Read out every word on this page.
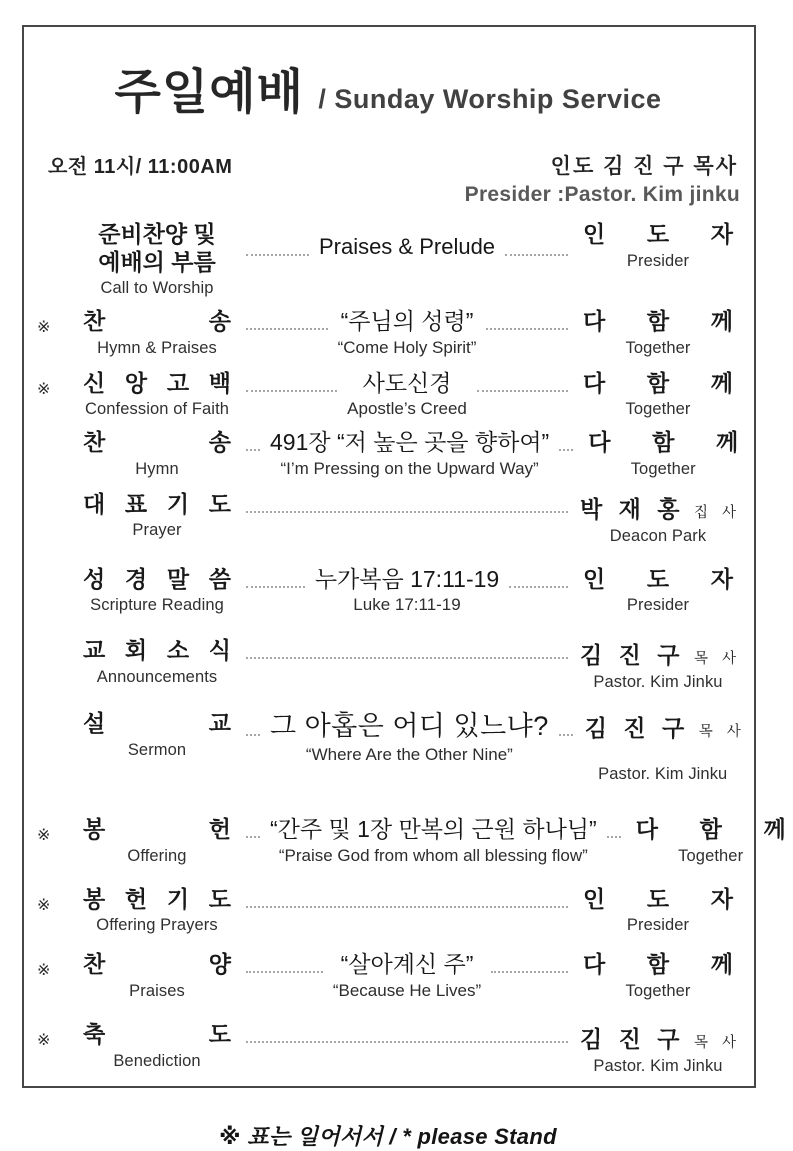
주일예배 / Sunday Worship Service
오전 11시/ 11:00AM	인도 김 진 구 목사
Presider :Pastor. Kim jinku
준비찬양 및
예배의 부름
Call to Worship
Praises & Prelude	인 도 자
Presider
※ 찬 송
Hymn & Praises
“주님의 성령”
“Come Holy Spirit”
다 함 께
Together
※ 신 앙 고 백
Confession of Faith
사도신경
Apostle’s Creed
다 함 께
Together
찬 송
Hymn
491장 “저 높은 곳을 향하여”
“I’m Pressing on the Upward Way”
다 함 께
Together
대 표 기 도
Prayer
박 재 홍 집 사
Deacon Park
성 경 말 씀
Scripture Reading
누가복음 17:11-19
Luke 17:11-19
인 도 자
Presider
교 회 소 식
Announcements
김 진 구 목 사
Pastor. Kim Jinku
설 교
Sermon
그 아홉은 어디 있느냐?
“Where Are the Other Nine”
김 진 구 목 사
Pastor. Kim Jinku
※ 봉 헌
Offering
“간주 및 1장 만복의 근원 하나님”
“Praise God from whom all blessing flow”
다 함 께
Together
※ 봉 헌 기 도
Offering Prayers
인 도 자
Presider
※ 찬 양
Praises
“살아계신 주”
“Because He Lives”
다 함 께
Together
※ 축 도
Benediction
김 진 구 목 사
Pastor. Kim Jinku
※ 표는 일어서서 / * please Stand
